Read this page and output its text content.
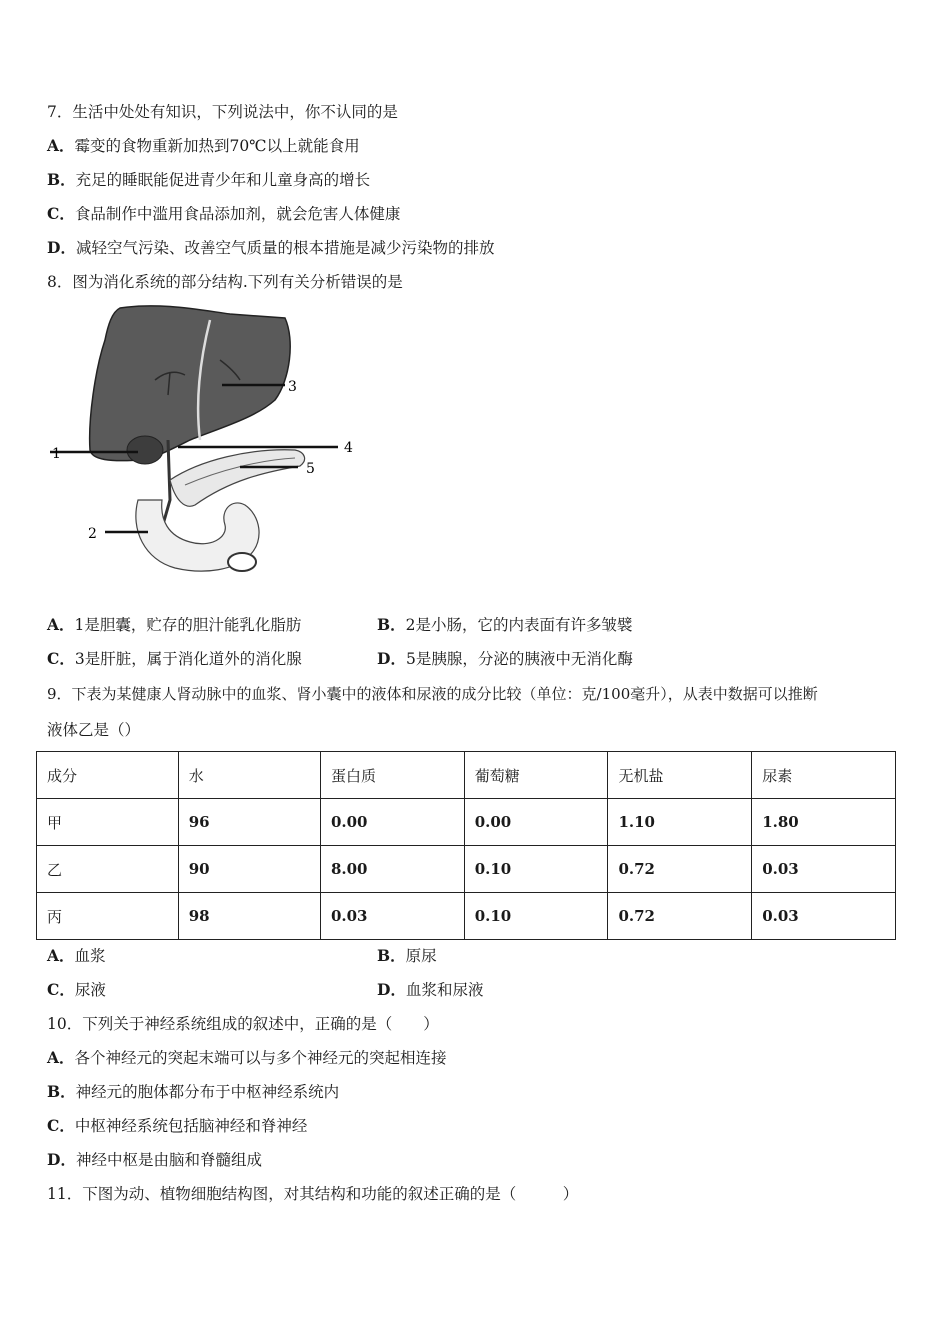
7．生活中处处有知识，下列说法中，你不认同的是
A．霉变的食物重新加热到70℃以上就能食用
B．充足的睡眠能促进青少年和儿童身高的增长
C．食品制作中滥用食品添加剂，就会危害人体健康
D．减轻空气污染、改善空气质量的根本措施是减少污染物的排放
8．图为消化系统的部分结构.下列有关分析错误的是
1
2
3
4
5
A．1是胆囊，贮存的胆汁能乳化脂肪	B．2是小肠，它的内表面有许多皱襞
C．3是肝脏，属于消化道外的消化腺	D．5是胰腺，分泌的胰液中无消化酶
9．下表为某健康人肾动脉中的血浆、肾小囊中的液体和尿液的成分比较（单位：克/100毫升），从表中数据可以推断
液体乙是（）
成分	水	蛋白质	葡萄糖	无机盐	尿素
甲	96	0.00	0.00	1.10	1.80
乙	90	8.00	0.10	0.72	0.03
丙	98	0.03	0.10	0.72	0.03
A．血浆	B．原尿
C．尿液	D．血浆和尿液
10．下列关于神经系统组成的叙述中，正确的是（　　）
A．各个神经元的突起末端可以与多个神经元的突起相连接
B．神经元的胞体都分布于中枢神经系统内
C．中枢神经系统包括脑神经和脊神经
D．神经中枢是由脑和脊髓组成
11．下图为动、植物细胞结构图，对其结构和功能的叙述正确的是（　　　）
